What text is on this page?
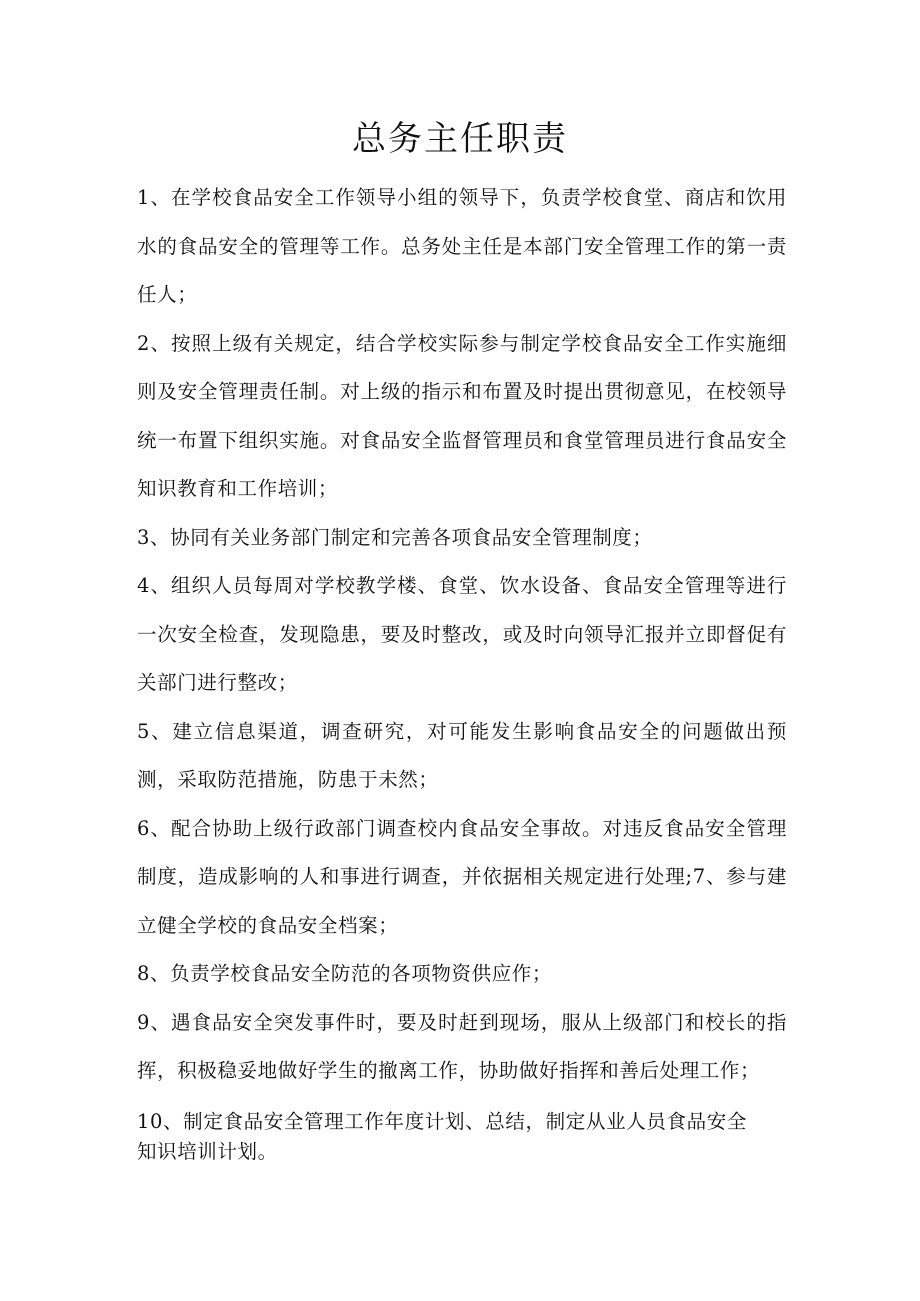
总务主任职责

1、在学校食品安全工作领导小组的领导下，负责学校食堂、商店和饮用水的食品安全的管理等工作。总务处主任是本部门安全管理工作的第一责任人；

2、按照上级有关规定，结合学校实际参与制定学校食品安全工作实施细则及安全管理责任制。对上级的指示和布置及时提出贯彻意见，在校领导统一布置下组织实施。对食品安全监督管理员和食堂管理员进行食品安全知识教育和工作培训；

3、协同有关业务部门制定和完善各项食品安全管理制度；

4、组织人员每周对学校教学楼、食堂、饮水设备、食品安全管理等进行一次安全检查，发现隐患，要及时整改，或及时向领导汇报并立即督促有关部门进行整改；

5、建立信息渠道，调查研究，对可能发生影响食品安全的问题做出预测，采取防范措施，防患于未然；

6、配合协助上级行政部门调查校内食品安全事故。对违反食品安全管理制度，造成影响的人和事进行调查，并依据相关规定进行处理;7、参与建立健全学校的食品安全档案；

8、负责学校食品安全防范的各项物资供应作；

9、遇食品安全突发事件时，要及时赶到现场，服从上级部门和校长的指挥，积极稳妥地做好学生的撤离工作，协助做好指挥和善后处理工作；

10、制定食品安全管理工作年度计划、总结，制定从业人员食品安全知识培训计划。
